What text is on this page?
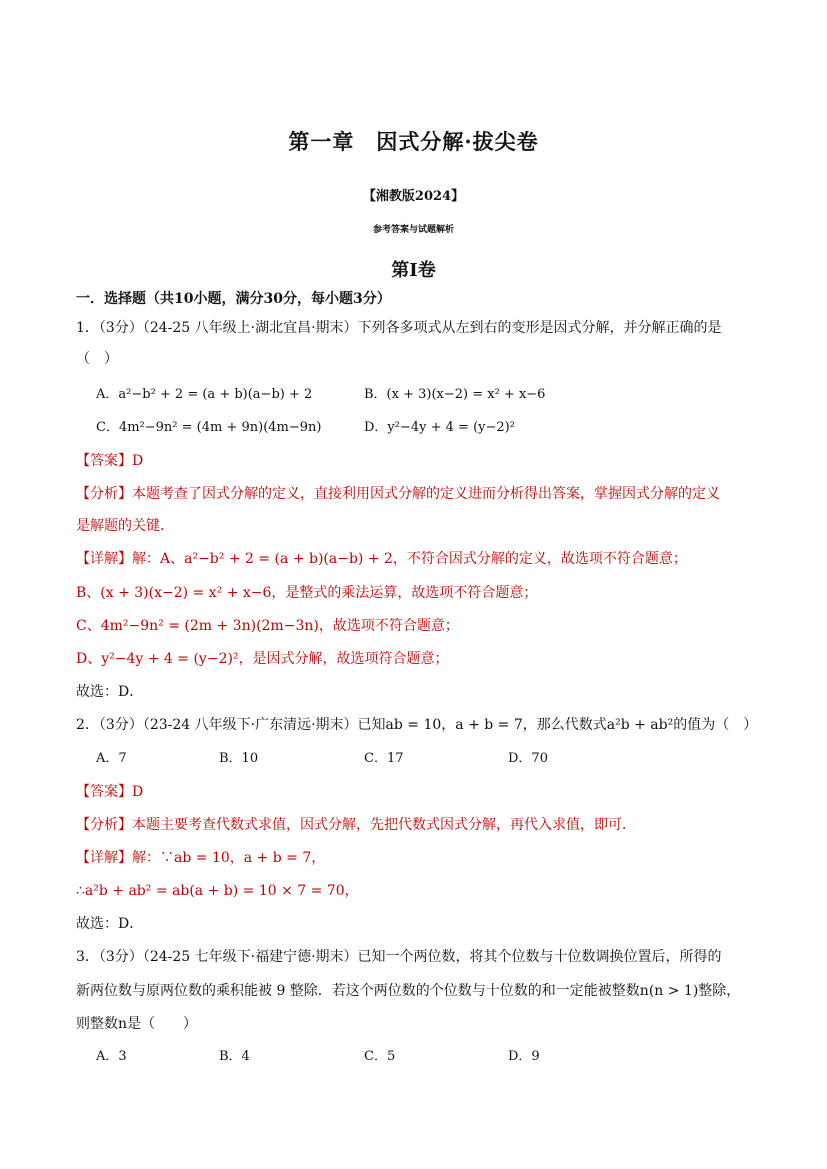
第一章　因式分解·拔尖卷
【湘教版2024】
参考答案与试题解析
第I卷
一．选择题（共10小题，满分30分，每小题3分）
1．（3分）（24-25 八年级上·湖北宜昌·期末）下列各多项式从左到右的变形是因式分解，并分解正确的是
（　）
A．a²−b² + 2 = (a + b)(a−b) + 2	B．(x + 3)(x−2) = x² + x−6
C．4m²−9n² = (4m + 9n)(4m−9n)	D．y²−4y + 4 = (y−2)²
【答案】D
【分析】本题考查了因式分解的定义，直接利用因式分解的定义进而分析得出答案，掌握因式分解的定义
是解题的关键．
【详解】解：A、a²−b² + 2 = (a + b)(a−b) + 2，不符合因式分解的定义，故选项不符合题意；
B、(x + 3)(x−2) = x² + x−6，是整式的乘法运算，故选项不符合题意；
C、4m²−9n² = (2m + 3n)(2m−3n)，故选项不符合题意；
D、y²−4y + 4 = (y−2)²，是因式分解，故选项符合题意；
故选：D．
2．（3分）（23-24 八年级下·广东清远·期末）已知ab = 10，a + b = 7，那么代数式a²b + ab²的值为（　）
A．7	B．10	C．17	D．70
【答案】D
【分析】本题主要考查代数式求值，因式分解，先把代数式因式分解，再代入求值，即可．
【详解】解：∵ab = 10，a + b = 7，
∴a²b + ab² = ab(a + b) = 10 × 7 = 70，
故选：D．
3．（3分）（24-25 七年级下·福建宁德·期末）已知一个两位数，将其个位数与十位数调换位置后，所得的
新两位数与原两位数的乘积能被 9 整除．若这个两位数的个位数与十位数的和一定能被整数n(n > 1)整除，
则整数n是（　　）
A．3	B．4	C．5	D．9
